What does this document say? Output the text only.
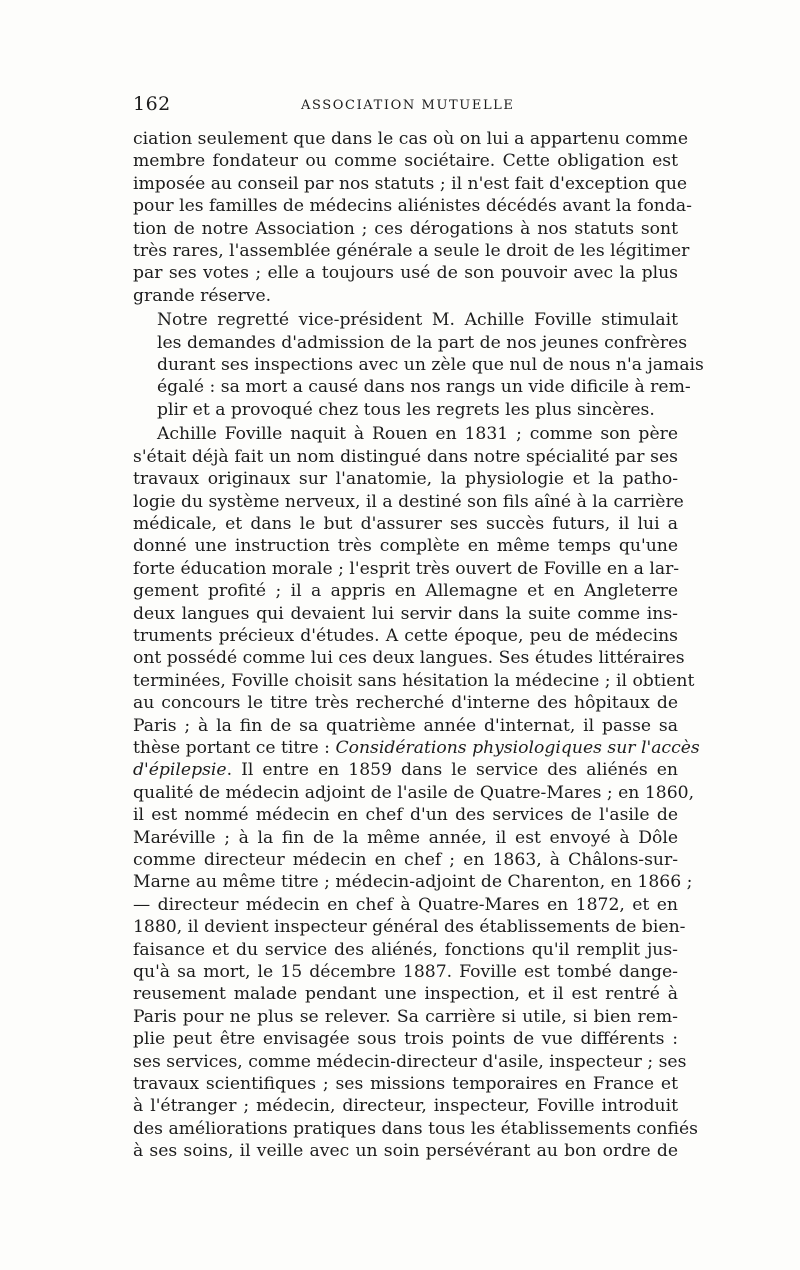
162	ASSOCIATION MUTUELLE

ciation seulement que dans le cas où on lui a appartenu comme
membre fondateur ou comme sociétaire. Cette obligation est
imposée au conseil par nos statuts ; il n'est fait d'exception que
pour les familles de médecins aliénistes décédés avant la fonda-
tion de notre Association ; ces dérogations à nos statuts sont
très rares, l'assemblée générale a seule le droit de les légitimer
par ses votes ; elle a toujours usé de son pouvoir avec la plus
grande réserve.

Notre regretté vice-président M. Achille Foville stimulait
les demandes d'admission de la part de nos jeunes confrères
durant ses inspections avec un zèle que nul de nous n'a jamais
égalé : sa mort a causé dans nos rangs un vide dificile à rem-
plir et a provoqué chez tous les regrets les plus sincères.

Achille Foville naquit à Rouen en 1831 ; comme son père
s'était déjà fait un nom distingué dans notre spécialité par ses
travaux originaux sur l'anatomie, la physiologie et la patho-
logie du système nerveux, il a destiné son fils aîné à la carrière
médicale, et dans le but d'assurer ses succès futurs, il lui a
donné une instruction très complète en même temps qu'une
forte éducation morale ; l'esprit très ouvert de Foville en a lar-
gement profité ; il a appris en Allemagne et en Angleterre
deux langues qui devaient lui servir dans la suite comme ins-
truments précieux d'études. A cette époque, peu de médecins
ont possédé comme lui ces deux langues. Ses études littéraires
terminées, Foville choisit sans hésitation la médecine ; il obtient
au concours le titre très recherché d'interne des hôpitaux de
Paris ; à la fin de sa quatrième année d'internat, il passe sa
thèse portant ce titre : Considérations physiologiques sur l'accès
d'épilepsie. Il entre en 1859 dans le service des aliénés en
qualité de médecin adjoint de l'asile de Quatre-Mares ; en 1860,
il est nommé médecin en chef d'un des services de l'asile de
Maréville ; à la fin de la même année, il est envoyé à Dôle
comme directeur médecin en chef ; en 1863, à Châlons-sur-
Marne au même titre ; médecin-adjoint de Charenton, en 1866 ;
— directeur médecin en chef à Quatre-Mares en 1872, et en
1880, il devient inspecteur général des établissements de bien-
faisance et du service des aliénés, fonctions qu'il remplit jus-
qu'à sa mort, le 15 décembre 1887. Foville est tombé dange-
reusement malade pendant une inspection, et il est rentré à
Paris pour ne plus se relever. Sa carrière si utile, si bien rem-
plie peut être envisagée sous trois points de vue différents :
ses services, comme médecin-directeur d'asile, inspecteur ; ses
travaux scientifiques ; ses missions temporaires en France et
à l'étranger ; médecin, directeur, inspecteur, Foville introduit
des améliorations pratiques dans tous les établissements confiés
à ses soins, il veille avec un soin persévérant au bon ordre de
